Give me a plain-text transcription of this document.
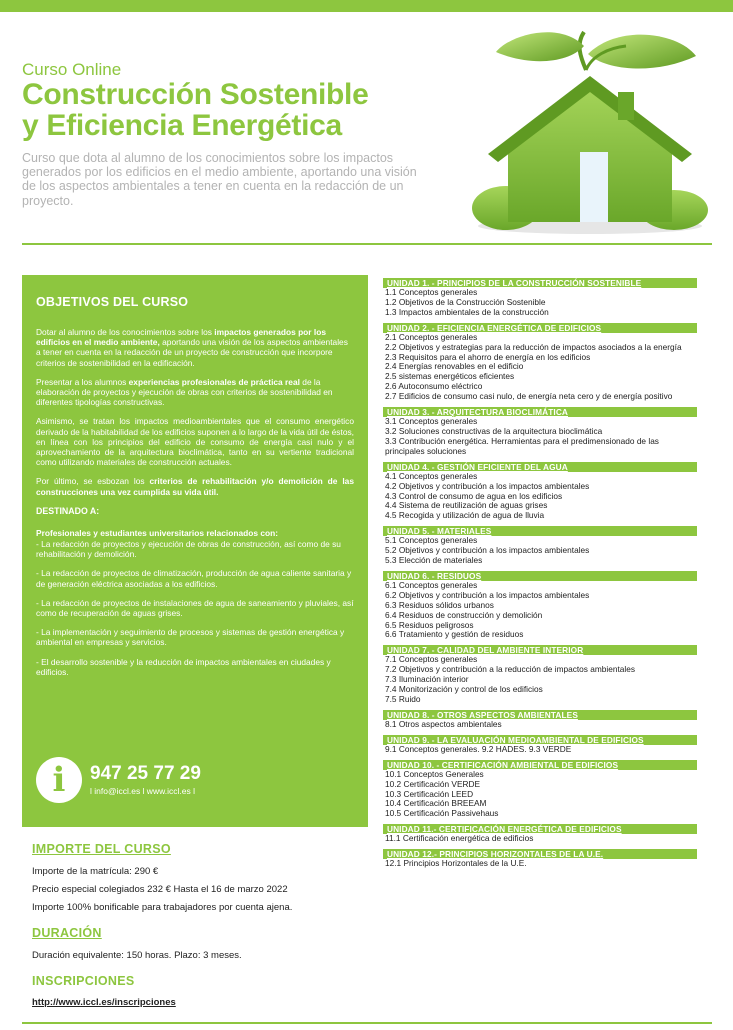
Curso Online
Construcción Sostenible
y Eficiencia Energética
Curso que dota al alumno de los conocimientos sobre los impactos generados por los edificios en el medio ambiente, aportando una visión de los aspectos ambientales a tener en cuenta en la redacción de un proyecto.
OBJETIVOS DEL CURSO

Dotar al alumno de los conocimientos sobre los impactos generados por los edificios en el medio ambiente, aportando una visión de los aspectos ambientales a tener en cuenta en la redacción de un proyecto de construcción que incorpore criterios de sostenibilidad en la edificación.

Presentar a los alumnos experiencias profesionales de práctica real de la elaboración de proyectos y ejecución de obras con criterios de sostenibilidad en diferentes tipologías constructivas.

Asimismo, se tratan los impactos medioambientales que el consumo energético derivado de la habitabilidad de los edificios suponen a lo largo de la vida útil de éstos, en línea con los principios del edificio de consumo de energía casi nulo y el aprovechamiento de la arquitectura bioclimática, tanto en su vertiente tradicional como utilizando materiales de construcción actuales.

Por último, se esbozan los criterios de rehabilitación y/o demolición de las construcciones una vez cumplida su vida útil.

DESTINADO A:

Profesionales y estudiantes universitarios relacionados con:

- La redacción de proyectos y ejecución de obras de construcción, así como de su rehabilitación y demolición.

- La redacción de proyectos de climatización, producción de agua caliente sanitaria y de generación eléctrica asociadas a los edificios.

- La redacción de proyectos de instalaciones de agua de saneamiento y pluviales, así como de recuperación de aguas grises.

- La implementación y seguimiento de procesos y sistemas de gestión energética y ambiental en empresas y servicios.

- El desarrollo sostenible y la reducción de impactos ambientales en ciudades y edificios.

i	947 25 77 29
l info@iccl.es l www.iccl.es l
IMPORTE DEL CURSO
Importe de la matrícula: 290 €
Precio especial colegiados 232 € Hasta el 16 de marzo 2022
Importe 100% bonificable para trabajadores por cuenta ajena.
DURACIÓN
Duración equivalente: 150 horas. Plazo: 3 meses.
INSCRIPCIONES
http://www.iccl.es/inscripciones
UNIDAD 1. - PRINCIPIOS DE LA CONSTRUCCIÓN SOSTENIBLE
1.1 Conceptos generales
1.2 Objetivos de la Construcción Sostenible
1.3 Impactos ambientales de la construcción
UNIDAD 2. - EFICIENCIA ENERGÉTICA DE EDIFICIOS
2.1 Conceptos generales
2.2 Objetivos y estrategias para la reducción de impactos asociados a la energía
2.3 Requisitos para el ahorro de energía en los edificios
2.4 Energías renovables en el edificio
2.5 sistemas energéticos eficientes
2.6 Autoconsumo eléctrico
2.7 Edificios de consumo casi nulo, de energía neta cero y de energía positivo
UNIDAD 3. - ARQUITECTURA BIOCLIMÁTICA
3.1 Conceptos generales
3.2 Soluciones constructivas de la arquitectura bioclimática
3.3 Contribución energética. Herramientas para el predimensionado de las principales soluciones
UNIDAD 4. - GESTIÓN EFICIENTE DEL AGUA
4.1 Conceptos generales
4.2 Objetivos y contribución a los impactos ambientales
4.3 Control de consumo de agua en los edificios
4.4 Sistema de reutilización de aguas grises
4.5 Recogida y utilización de agua de lluvia
UNIDAD 5. - MATERIALES
5.1 Conceptos generales
5.2 Objetivos y contribución a los impactos ambientales
5.3 Elección de materiales
UNIDAD 6. - RESIDUOS
6.1 Conceptos generales
6.2 Objetivos y contribución a los impactos ambientales
6.3 Residuos sólidos urbanos
6.4 Residuos de construcción y demolición
6.5 Residuos peligrosos
6.6 Tratamiento y gestión de residuos
UNIDAD 7. - CALIDAD DEL AMBIENTE INTERIOR
7.1 Conceptos generales
7.2 Objetivos y contribución a la reducción de impactos ambientales
7.3 Iluminación interior
7.4 Monitorización y control de los edificios
7.5 Ruido
UNIDAD 8. - OTROS ASPECTOS AMBIENTALES
8.1 Otros aspectos ambientales
UNIDAD 9. - LA EVALUACIÓN MEDIOAMBIENTAL DE EDIFICIOS
9.1 Conceptos generales. 9.2 HADES. 9.3 VERDE
UNIDAD 10. - CERTIFICACIÓN AMBIENTAL DE EDIFICIOS
10.1 Conceptos Generales
10.2 Certificación VERDE
10.3 Certificación LEED
10.4 Certificación BREEAM
10.5 Certificación Passivehaus
UNIDAD 11.- CERTIFICACIÓN ENERGÉTICA DE EDIFICIOS
11.1 Certificación energética de edificios
UNIDAD 12.- PRINCIPIOS HORIZONTALES DE LA U.E.
12.1 Principios Horizontales de la U.E.
